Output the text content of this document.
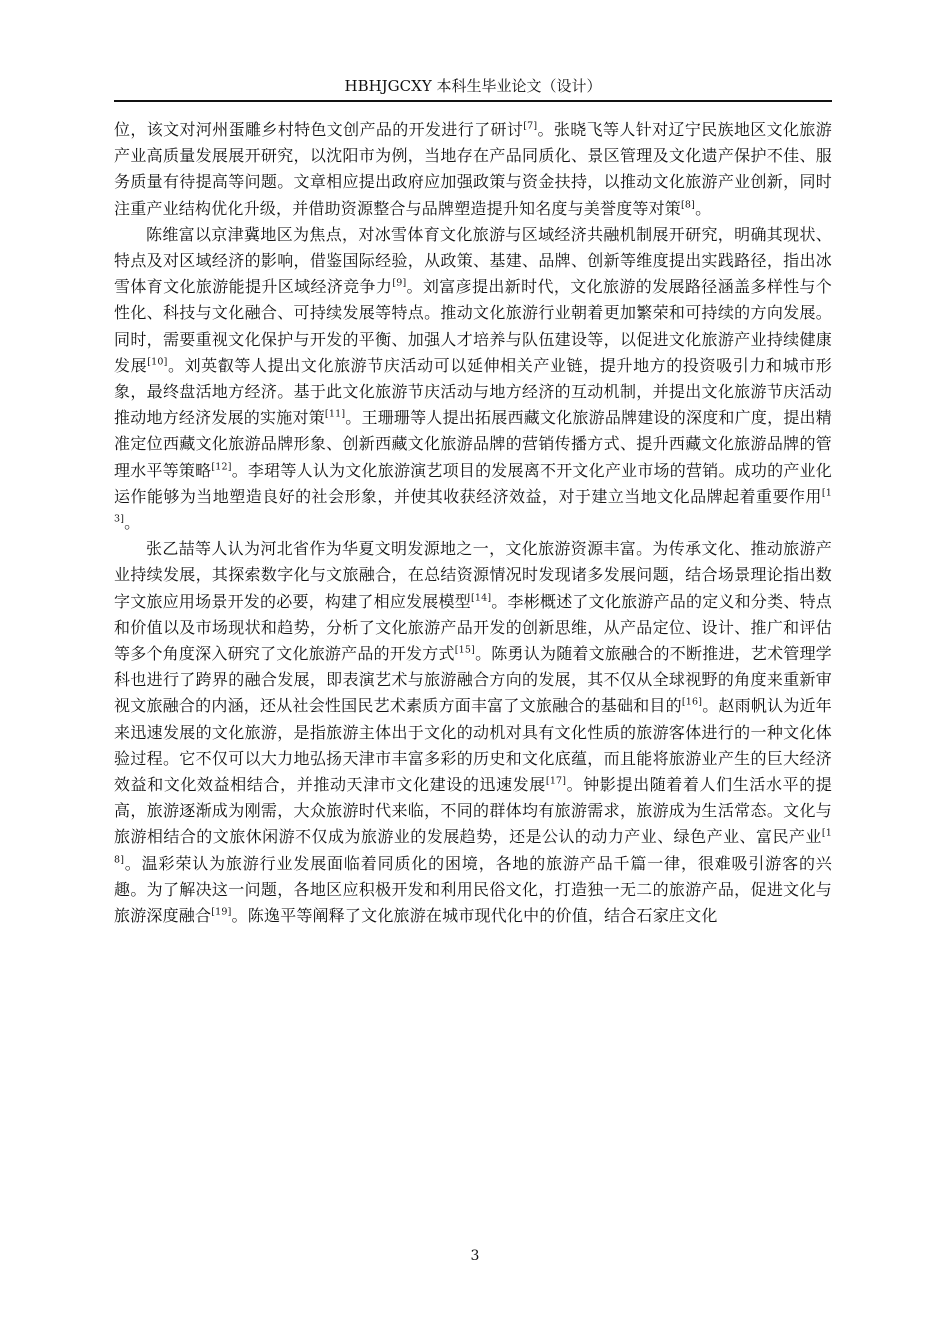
HBHJGCXY 本科生毕业论文（设计）

位，该文对河州蛋雕乡村特色文创产品的开发进行了研讨[7]。张晓飞等人针对辽宁民族地区文化旅游产业高质量发展展开研究，以沈阳市为例，当地存在产品同质化、景区管理及文化遗产保护不佳、服务质量有待提高等问题。文章相应提出政府应加强政策与资金扶持，以推动文化旅游产业创新，同时注重产业结构优化升级，并借助资源整合与品牌塑造提升知名度与美誉度等对策[8]。

陈维富以京津冀地区为焦点，对冰雪体育文化旅游与区域经济共融机制展开研究，明确其现状、特点及对区域经济的影响，借鉴国际经验，从政策、基建、品牌、创新等维度提出实践路径，指出冰雪体育文化旅游能提升区域经济竞争力[9]。刘富彦提出新时代，文化旅游的发展路径涵盖多样性与个性化、科技与文化融合、可持续发展等特点。推动文化旅游行业朝着更加繁荣和可持续的方向发展。同时，需要重视文化保护与开发的平衡、加强人才培养与队伍建设等，以促进文化旅游产业持续健康发展[10]。刘英叡等人提出文化旅游节庆活动可以延伸相关产业链，提升地方的投资吸引力和城市形象，最终盘活地方经济。基于此文化旅游节庆活动与地方经济的互动机制，并提出文化旅游节庆活动推动地方经济发展的实施对策[11]。王珊珊等人提出拓展西藏文化旅游品牌建设的深度和广度，提出精准定位西藏文化旅游品牌形象、创新西藏文化旅游品牌的营销传播方式、提升西藏文化旅游品牌的管理水平等策略[12]。李珺等人认为文化旅游演艺项目的发展离不开文化产业市场的营销。成功的产业化运作能够为当地塑造良好的社会形象，并使其收获经济效益，对于建立当地文化品牌起着重要作用[13]。

张乙喆等人认为河北省作为华夏文明发源地之一，文化旅游资源丰富。为传承文化、推动旅游产业持续发展，其探索数字化与文旅融合，在总结资源情况时发现诸多发展问题，结合场景理论指出数字文旅应用场景开发的必要，构建了相应发展模型[14]。李彬概述了文化旅游产品的定义和分类、特点和价值以及市场现状和趋势，分析了文化旅游产品开发的创新思维，从产品定位、设计、推广和评估等多个角度深入研究了文化旅游产品的开发方式[15]。陈勇认为随着文旅融合的不断推进，艺术管理学科也进行了跨界的融合发展，即表演艺术与旅游融合方向的发展，其不仅从全球视野的角度来重新审视文旅融合的内涵，还从社会性国民艺术素质方面丰富了文旅融合的基础和目的[16]。赵雨帆认为近年来迅速发展的文化旅游，是指旅游主体出于文化的动机对具有文化性质的旅游客体进行的一种文化体验过程。它不仅可以大力地弘扬天津市丰富多彩的历史和文化底蕴，而且能将旅游业产生的巨大经济效益和文化效益相结合，并推动天津市文化建设的迅速发展[17]。钟影提出随着着人们生活水平的提高，旅游逐渐成为刚需，大众旅游时代来临，不同的群体均有旅游需求，旅游成为生活常态。文化与旅游相结合的文旅休闲游不仅成为旅游业的发展趋势，还是公认的动力产业、绿色产业、富民产业[18]。温彩荣认为旅游行业发展面临着同质化的困境，各地的旅游产品千篇一律，很难吸引游客的兴趣。为了解决这一问题，各地区应积极开发和利用民俗文化，打造独一无二的旅游产品，促进文化与旅游深度融合[19]。陈逸平等阐释了文化旅游在城市现代化中的价值，结合石家庄文化

3
